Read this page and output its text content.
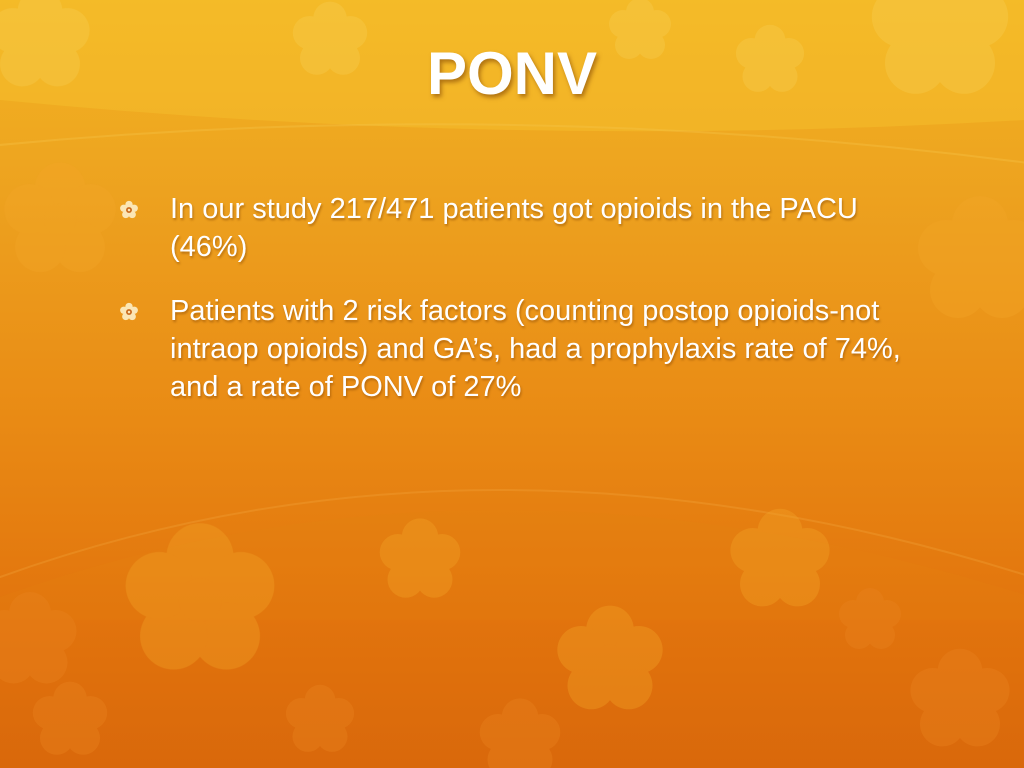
PONV
In our study 217/471 patients got opioids in the PACU (46%)
Patients with 2 risk factors (counting postop opioids-not intraop opioids) and GA’s, had a prophylaxis rate of 74%, and a rate of PONV of 27%
